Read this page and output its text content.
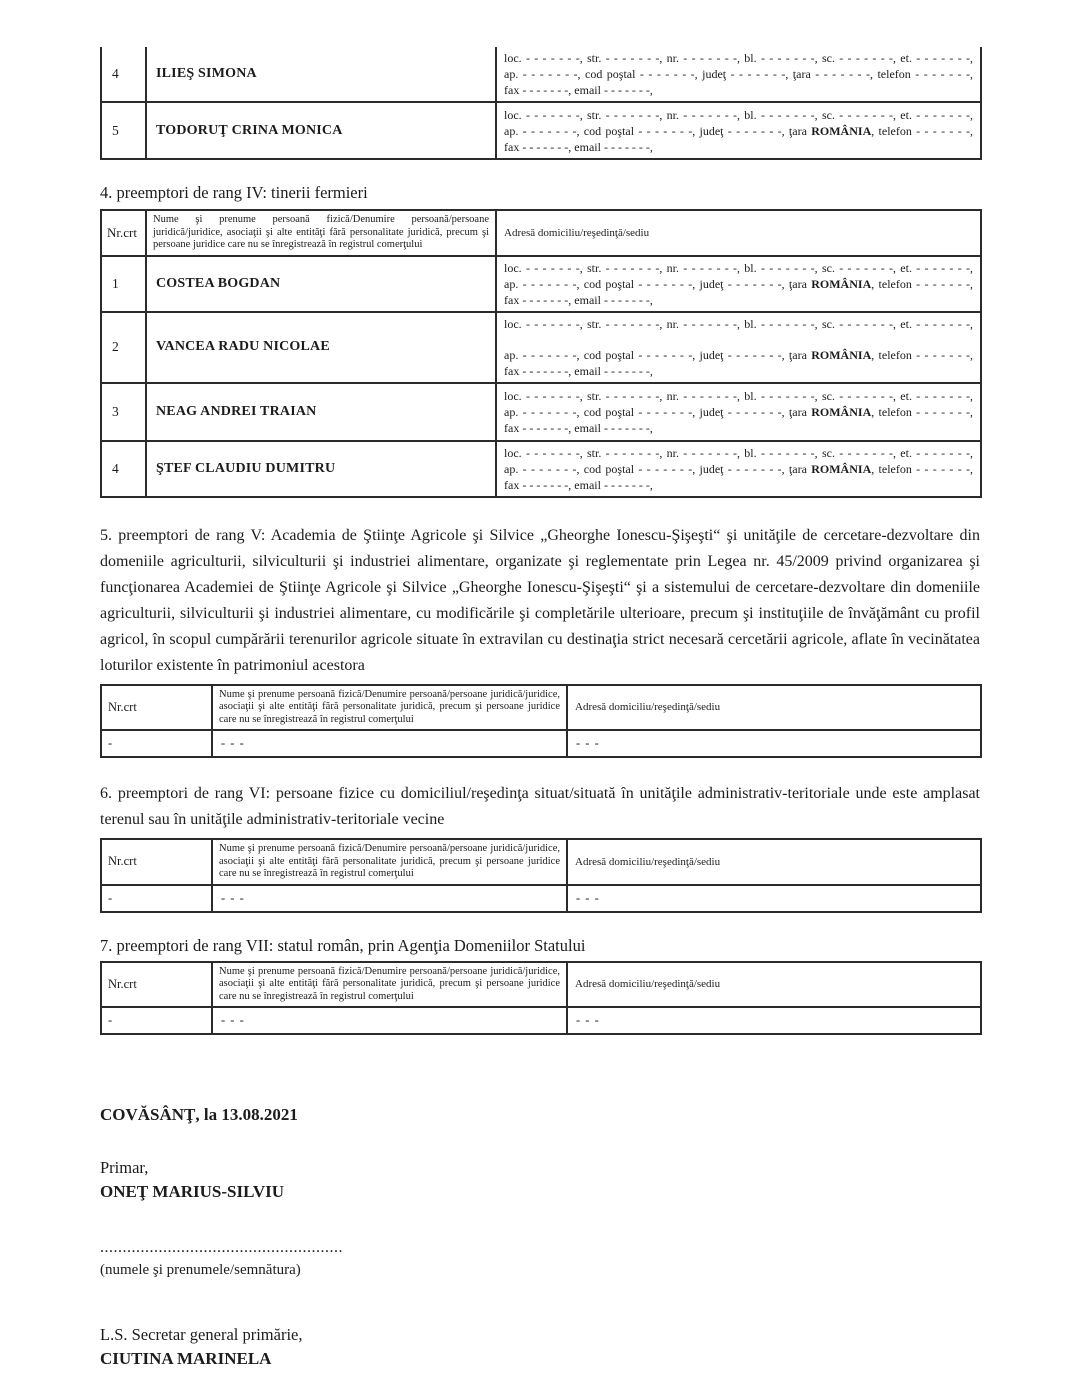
4	ILIEŞ SIMONA	loc. - - - - - - -, str. - - - - - - -, nr. - - - - - - -, bl. - - - - - - -, sc. - - - - - - -, et. - - - - - - -,
ap. - - - - - - -, cod poştal - - - - - - -, judeţ - - - - - - -, ţara - - - - - - -, telefon - - - - - - -,
fax - - - - - - -, email - - - - - - -,

5	TODORUŢ CRINA MONICA	loc. - - - - - - -, str. - - - - - - -, nr. - - - - - - -, bl. - - - - - - -, sc. - - - - - - -, et. - - - - - - -,
ap. - - - - - - -, cod poştal - - - - - - -, judeţ - - - - - - -, ţara ROMÂNIA, telefon - - - - - - -,
fax - - - - - - -, email - - - - - - -,
4. preemptori de rang IV: tinerii fermieri
Nr.crt	Nume şi prenume persoană fizică/Denumire persoană/persoane juridică/juridice, asociaţii şi alte entităţi fără personalitate juridică, precum şi persoane juridice care nu se înregistrează în registrul comerţului	Adresă domiciliu/reşedinţă/sediu
1	COSTEA BOGDAN	loc. - - - - - - -, str. - - - - - - -, nr. - - - - - - -, bl. - - - - - - -, sc. - - - - - - -, et. - - - - - - -,
ap. - - - - - - -, cod poştal - - - - - - -, judeţ - - - - - - -, ţara ROMÂNIA, telefon - - - - - - -,
fax - - - - - - -, email - - - - - - -,

2	VANCEA RADU NICOLAE	loc. - - - - - - -, str. - - - - - - -, nr. - - - - - - -, bl. - - - - - - -, sc. - - - - - - -, et. - - - - - - -,
ap. - - - - - - -, cod poştal - - - - - - -, judeţ - - - - - - -, ţara ROMÂNIA, telefon - - - - - - -,
fax - - - - - - -, email - - - - - - -,

3	NEAG ANDREI TRAIAN	loc. - - - - - - -, str. - - - - - - -, nr. - - - - - - -, bl. - - - - - - -, sc. - - - - - - -, et. - - - - - - -,
ap. - - - - - - -, cod poştal - - - - - - -, judeţ - - - - - - -, ţara ROMÂNIA, telefon - - - - - - -,
fax - - - - - - -, email - - - - - - -,

4	ŞTEF CLAUDIU DUMITRU	loc. - - - - - - -, str. - - - - - - -, nr. - - - - - - -, bl. - - - - - - -, sc. - - - - - - -, et. - - - - - - -,
ap. - - - - - - -, cod poştal - - - - - - -, judeţ - - - - - - -, ţara ROMÂNIA, telefon - - - - - - -,
fax - - - - - - -, email - - - - - - -,
5. preemptori de rang V: Academia de Ştiinţe Agricole şi Silvice „Gheorghe Ionescu-Şişeşti“ şi unităţile de cercetare-dezvoltare din domeniile agriculturii, silviculturii şi industriei alimentare, organizate şi reglementate prin Legea nr. 45/2009 privind organizarea şi funcţionarea Academiei de Ştiinţe Agricole şi Silvice „Gheorghe Ionescu-Şişeşti“ şi a sistemului de cercetare-dezvoltare din domeniile agriculturii, silviculturii şi industriei alimentare, cu modificările şi completările ulterioare, precum şi instituţiile de învăţământ cu profil agricol, în scopul cumpărării terenurilor agricole situate în extravilan cu destinaţia strict necesară cercetării agricole, aflate în vecinătatea loturilor existente în patrimoniul acestora
Nr.crt	Nume şi prenume persoană fizică/Denumire persoană/persoane juridică/juridice, asociaţii şi alte entităţi fără personalitate juridică, precum şi persoane juridice care nu se înregistrează în registrul comerţului	Adresă domiciliu/reşedinţă/sediu
-	- - -	- - -
6. preemptori de rang VI: persoane fizice cu domiciliul/reşedinţa situat/situată în unităţile administrativ-teritoriale unde este amplasat terenul sau în unităţile administrativ-teritoriale vecine
Nr.crt	Nume şi prenume persoană fizică/Denumire persoană/persoane juridică/juridice, asociaţii şi alte entităţi fără personalitate juridică, precum şi persoane juridice care nu se înregistrează în registrul comerţului	Adresă domiciliu/reşedinţă/sediu
-	- - -	- - -
7. preemptori de rang VII: statul român, prin Agenţia Domeniilor Statului
Nr.crt	Nume şi prenume persoană fizică/Denumire persoană/persoane juridică/juridice, asociaţii şi alte entităţi fără personalitate juridică, precum şi persoane juridice care nu se înregistrează în registrul comerţului	Adresă domiciliu/reşedinţă/sediu
-	- - -	- - -
COVĂSÂNŢ, la 13.08.2021
Primar,
ONEŢ MARIUS-SILVIU
......................................................
(numele şi prenumele/semnătura)
L.S. Secretar general primărie,
CIUTINA MARINELA
